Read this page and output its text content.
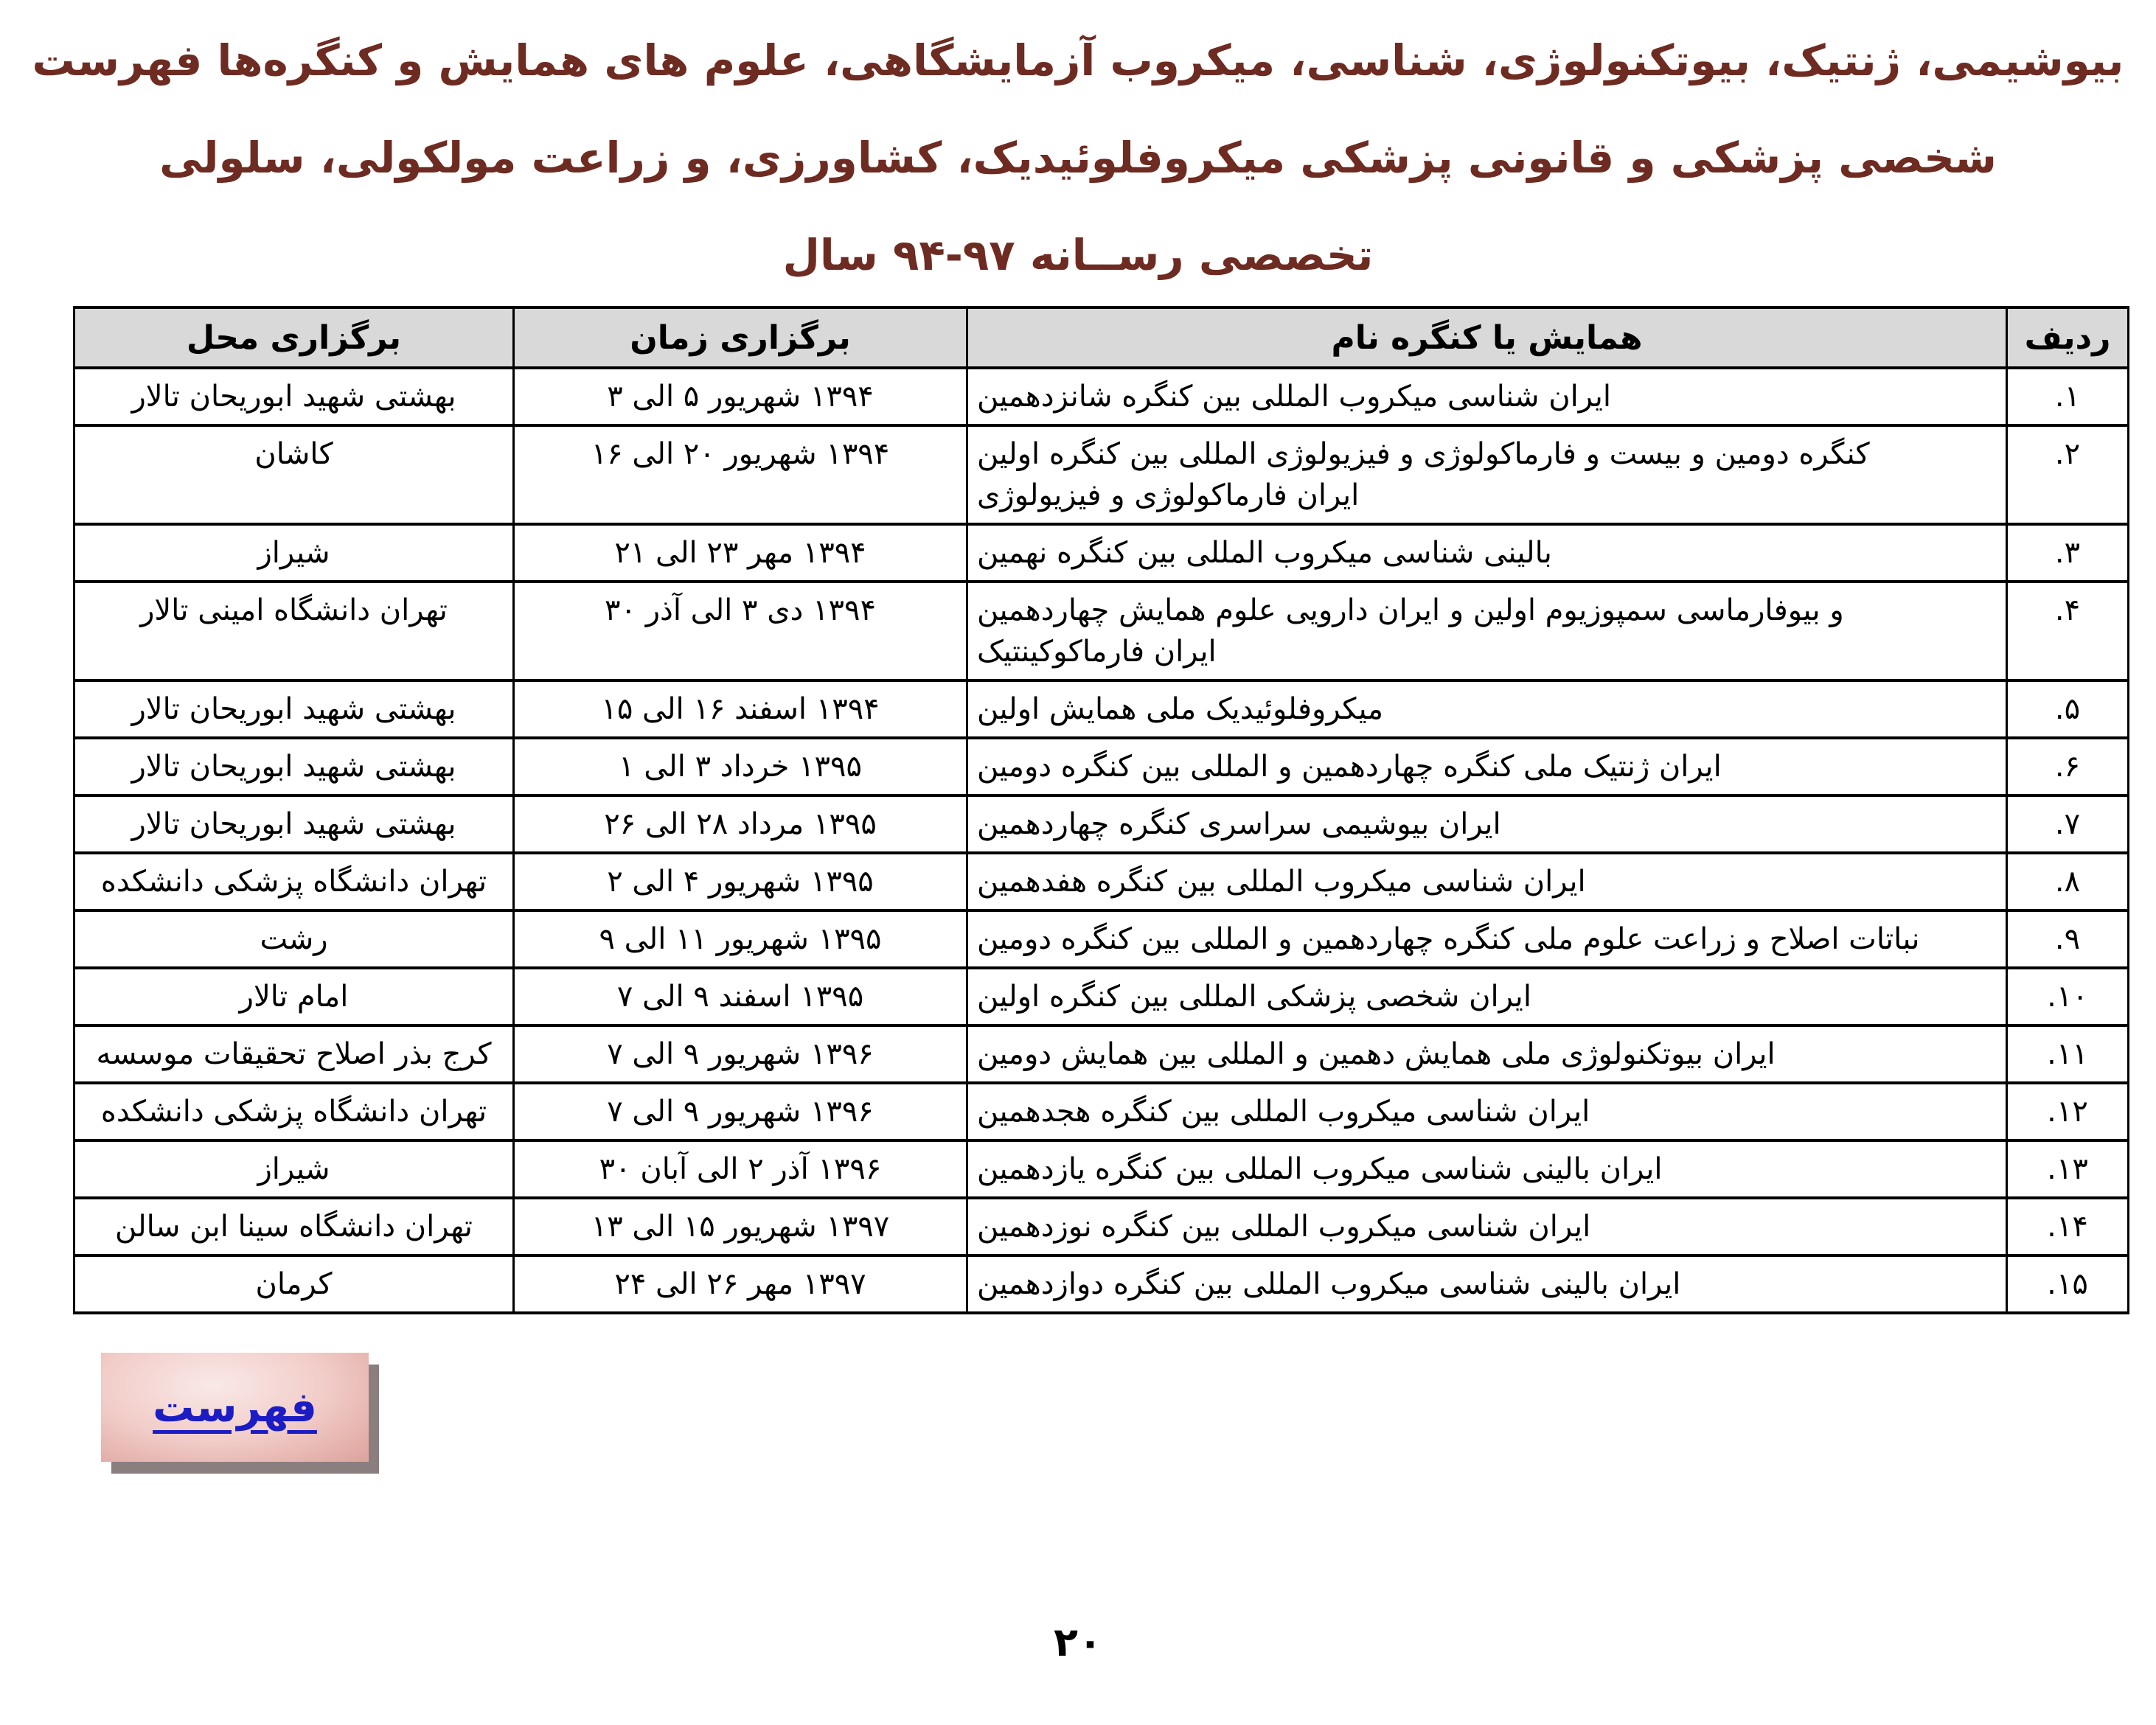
فهرست کنگره‌ها و همایش های علوم آزمایشگاهی، میکروب شناسی، بیوتکنولوژی، ژنتیک، بیوشیمی،
سلولی مولکولی، زراعت و کشاورزی، میکروفلوئیدیک، پزشکی قانونی و پزشکی شخصی
سال ۹۴-۹۷ رســانه تخصصی
محل برگزاری	زمان برگزاری	نام کنگره یا همایش	ردیف
تالار ابوریحان شهید بهشتی	۳ الی ۵ شهریور ۱۳۹۴	شانزدهمین کنگره بین المللی میکروب شناسی ایران	۱.
کاشان	۱۶ الی ۲۰ شهریور ۱۳۹۴	اولین کنگره بین المللی فیزیولوژی و فارماکولوژی و بیست و دومین کنگره فیزیولوژی و فارماکولوژی ایران	۲.
شیراز	۲۱ الی ۲۳ مهر ۱۳۹۴	نهمین کنگره بین المللی میکروب شناسی بالینی	۳.
تالار امینی دانشگاه تهران	۳۰ آذر الی ۳ دی ۱۳۹۴	چهاردهمین همایش علوم دارویی ایران و اولین سمپوزیوم بیوفارماسی و فارماکوکینتیک ایران	۴.
تالار ابوریحان شهید بهشتی	۱۵ الی ۱۶ اسفند ۱۳۹۴	اولین همایش ملی میکروفلوئیدیک	۵.
تالار ابوریحان شهید بهشتی	۱ الی ۳ خرداد ۱۳۹۵	دومین کنگره بین المللی و چهاردهمین کنگره ملی ژنتیک ایران	۶.
تالار ابوریحان شهید بهشتی	۲۶ الی ۲۸ مرداد ۱۳۹۵	چهاردهمین کنگره سراسری بیوشیمی ایران	۷.
دانشکده پزشکی دانشگاه تهران	۲ الی ۴ شهریور ۱۳۹۵	هفدهمین کنگره بین المللی میکروب شناسی ایران	۸.
رشت	۹ الی ۱۱ شهریور ۱۳۹۵	دومین کنگره بین المللی و چهاردهمین کنگره ملی علوم زراعت و اصلاح نباتات	۹.
تالار امام	۷ الی ۹ اسفند ۱۳۹۵	اولین کنگره بین المللی پزشکی شخصی ایران	۱۰.
موسسه تحقیقات اصلاح بذر کرج	۷ الی ۹ شهریور ۱۳۹۶	دومین همایش بین المللی و دهمین همایش ملی بیوتکنولوژی ایران	۱۱.
دانشکده پزشکی دانشگاه تهران	۷ الی ۹ شهریور ۱۳۹۶	هجدهمین کنگره بین المللی میکروب شناسی ایران	۱۲.
شیراز	۳۰ آبان الی ۲ آذر ۱۳۹۶	یازدهمین کنگره بین المللی میکروب شناسی بالینی ایران	۱۳.
سالن ابن سینا دانشگاه تهران	۱۳ الی ۱۵ شهریور ۱۳۹۷	نوزدهمین کنگره بین المللی میکروب شناسی ایران	۱۴.
کرمان	۲۴ الی ۲۶ مهر ۱۳۹۷	دوازدهمین کنگره بین المللی میکروب شناسی بالینی ایران	۱۵.
فهرست
۲۰
